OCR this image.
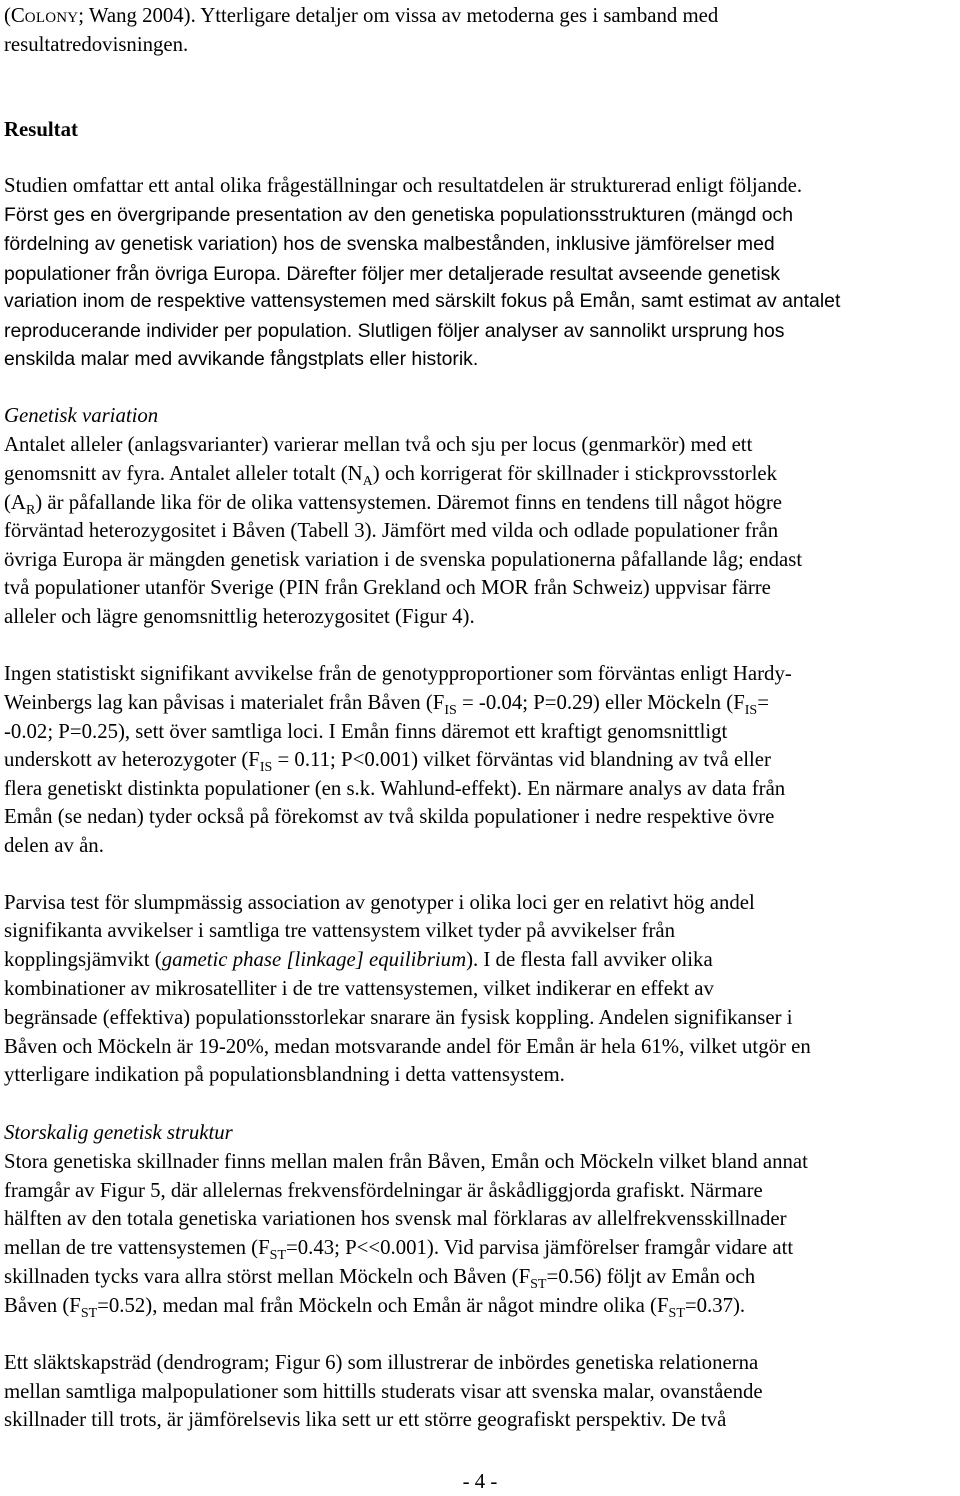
(COLONY; Wang 2004). Ytterligare detaljer om vissa av metoderna ges i samband med

resultatredovisningen.

Resultat

Studien omfattar ett antal olika frågeställningar och resultatdelen är strukturerad enligt följande.

Först ges en övergripande presentation av den genetiska populationsstrukturen (mängd och

fördelning av genetisk variation) hos de svenska malbestånden, inklusive jämförelser med

populationer från övriga Europa. Därefter följer mer detaljerade resultat avseende genetisk

variation inom de respektive vattensystemen med särskilt fokus på Emån, samt estimat av antalet

reproducerande individer per population. Slutligen följer analyser av sannolikt ursprung hos

enskilda malar med avvikande fångstplats eller historik.

Genetisk variation

Antalet alleler (anlagsvarianter) varierar mellan två och sju per locus (genmarkör) med ett

genomsnitt av fyra. Antalet alleler totalt $(N_A)$ och korrigerat för skillnader i stickprovsstorlek

$(A_R)$ är påfallande lika för de olika vattensystemen. Däremot finns en tendens till något högre

förväntad heterozygositet i Båven (Tabell 3). Jämfört med vilda och odlade populationer från

övriga Europa är mängden genetisk variation i de svenska populationerna påfallande låg; endast

två populationer utanför Sverige (PIN från Grekland och MOR från Schweiz) uppvisar färre

alleler och lägre genomsnittlig heterozygositet (Figur 4).

Ingen statistiskt signifikant avvikelse från de genotypproportioner som förväntas enligt Hardy-

Weinbergs lag kan påvisas i materialet från Båven ($F_{IS} = -0.04$; P=0.29) eller Möckeln ($F_{IS}=$

-0.02; P=0.25), sett över samtliga loci. I Emån finns däremot ett kraftigt genomsnittligt

underskott av heterozygoter ($F_{IS} = 0.11$; P<0.001) vilket förväntas vid blandning av två eller

flera genetiskt distinkta populationer (en s.k. Wahlund-effekt). En närmare analys av data från

Emån (se nedan) tyder också på förekomst av två skilda populationer i nedre respektive övre

delen av ån.

Parvisa test för slumpmässig association av genotyper i olika loci ger en relativt hög andel

signifikanta avvikelser i samtliga tre vattensystem vilket tyder på avvikelser från

kopplingsjämvikt (gametic phase [linkage] equilibrium). I de flesta fall avviker olika

kombinationer av mikrosatelliter i de tre vattensystemen, vilket indikerar en effekt av

begränsade (effektiva) populationsstorlekar snarare än fysisk koppling. Andelen signifikanser i

Båven och Möckeln är 19-20%, medan motsvarande andel för Emån är hela 61%, vilket utgör en

ytterligare indikation på populationsblandning i detta vattensystem.

Storskalig genetisk struktur

Stora genetiska skillnader finns mellan malen från Båven, Emån och Möckeln vilket bland annat

framgår av Figur 5, där allelernas frekvensfördelningar är åskådliggjorda grafiskt. Närmare

hälften av den totala genetiska variationen hos svensk mal förklaras av allelfrekvensskillnader

mellan de tre vattensystemen ($F_{ST}=0.43$; P<<0.001). Vid parvisa jämförelser framgår vidare att

skillnaden tycks vara allra störst mellan Möckeln och Båven $(F_{ST}=0.56)$ följt av Emån och

Båven $(F_{ST}=0.52)$, medan mal från Möckeln och Emån är något mindre olika $(F_{ST}=0.37)$.

Ett släktskapsträd (dendrogram; Figur 6) som illustrerar de inbördes genetiska relationerna

mellan samtliga malpopulationer som hittills studerats visar att svenska malar, ovanstående

skillnader till trots, är jämförelsevis lika sett ur ett större geografiskt perspektiv. De två

- 4 -
